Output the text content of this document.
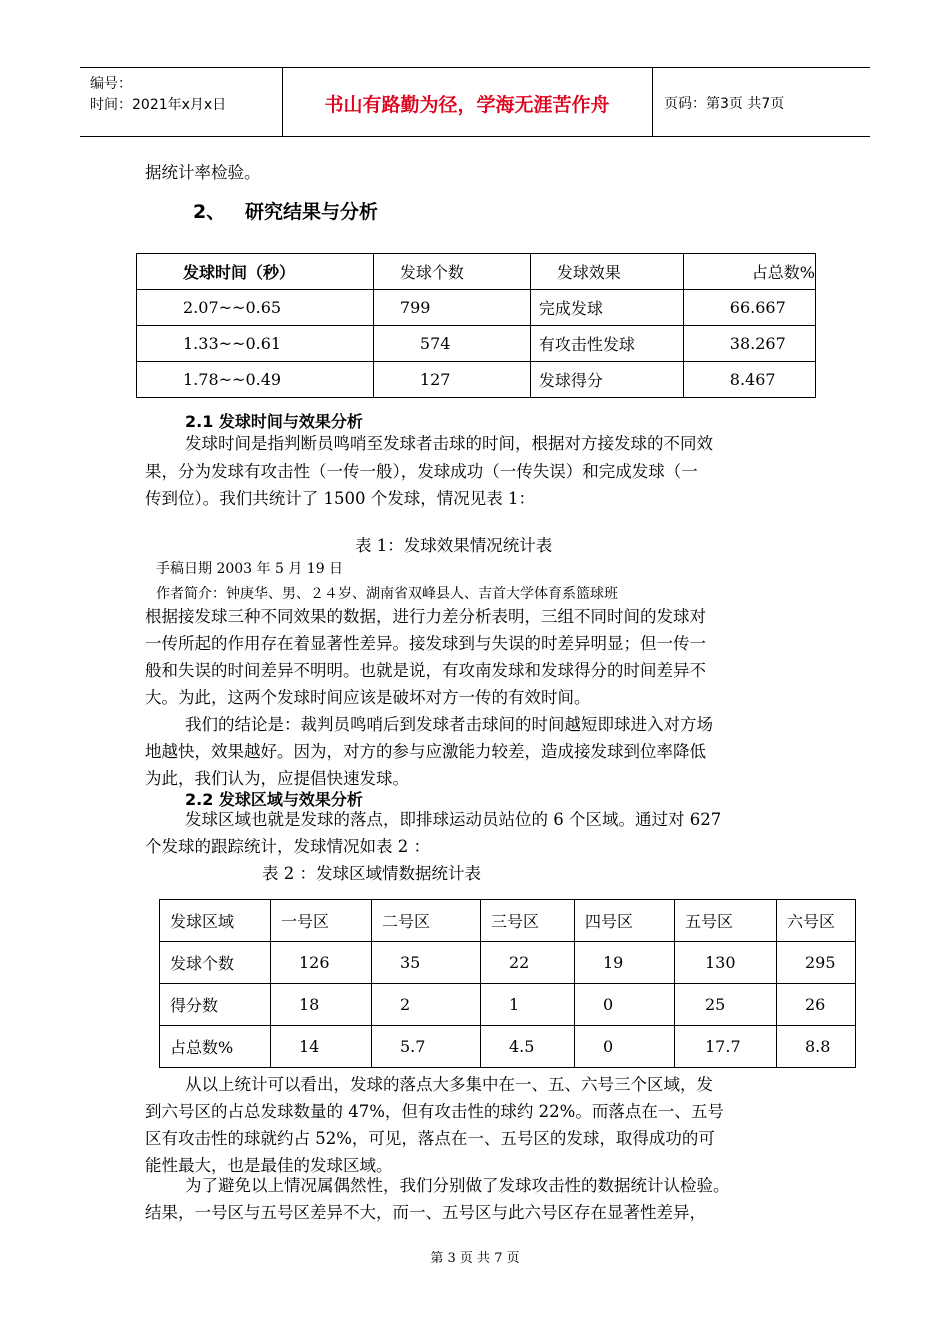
编号：
时间：2021年x月x日	书山有路勤为径，学海无涯苦作舟	页码：第3页 共7页
据统计率检验。
2、 研究结果与分析
发球时间（秒）	发球个数	发球效果	占总数%
2.07~~0.65	799	完成发球	66.667
1.33~~0.61	574	有攻击性发球	38.267
1.78~~0.49	127	发球得分	8.467
2.1 发球时间与效果分析
发球时间是指判断员鸣哨至发球者击球的时间，根据对方接发球的不同效
果，分为发球有攻击性（一传一般），发球成功（一传失误）和完成发球（一
传到位）。我们共统计了 1500 个发球，情况见表 1：
表 1：发球效果情况统计表
手稿日期 2003 年 5 月 19 日
作者简介：钟庚华、男、２４岁、湖南省双峰县人、吉首大学体育系篮球班
根据接发球三种不同效果的数据，进行力差分析表明，三组不同时间的发球对
一传所起的作用存在着显著性差异。接发球到与失误的时差异明显；但一传一
般和失误的时间差异不明明。也就是说，有攻南发球和发球得分的时间差异不
大。为此，这两个发球时间应该是破坏对方一传的有效时间。
我们的结论是：裁判员鸣哨后到发球者击球间的时间越短即球进入对方场
地越快，效果越好。因为，对方的参与应激能力较差，造成接发球到位率降低
为此，我们认为，应提倡快速发球。
2.2 发球区域与效果分析
发球区域也就是发球的落点，即排球运动员站位的 6 个区域。通过对 627
个发球的跟踪统计，发球情况如表 2 ：
表 2 ：发球区域情数据统计表
发球区域	一号区	二号区	三号区	四号区	五号区	六号区
发球个数	126	35	22	19	130	295
得分数	18	2	1	0	25	26
占总数%	14	5.7	4.5	0	17.7	8.8
从以上统计可以看出，发球的落点大多集中在一、五、六号三个区域，发
到六号区的占总发球数量的 47%，但有攻击性的球约 22%。而落点在一、五号
区有攻击性的球就约占 52%，可见，落点在一、五号区的发球，取得成功的可
能性最大，也是最佳的发球区域。
为了避免以上情况属偶然性，我们分别做了发球攻击性的数据统计认检验。
结果，一号区与五号区差异不大，而一、五号区与此六号区存在显著性差异，
第 3 页 共 7 页
